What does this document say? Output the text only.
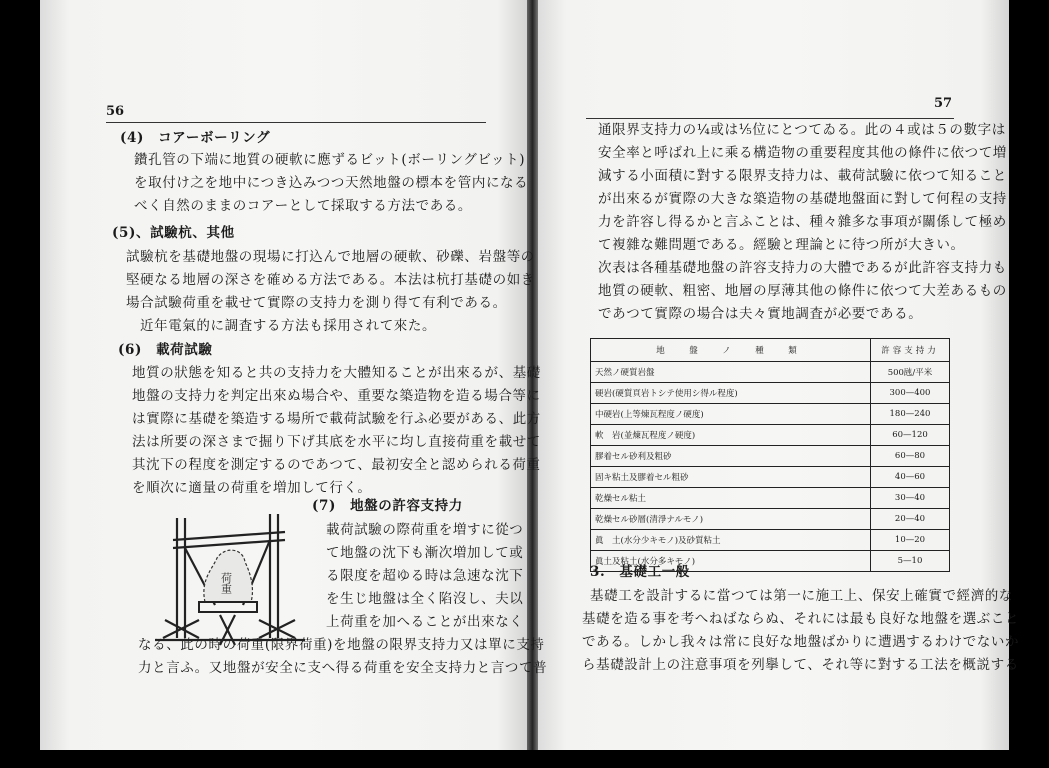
56
57
(4)　コアーボーリング
鑽孔管の下端に地質の硬軟に應ずるビット(ボーリングビット)
を取付け之を地中につき込みつつ天然地盤の標本を管内になる
べく自然のままのコアーとして採取する方法である。
(5)、試驗杭、其他
試驗杭を基礎地盤の現場に打込んで地層の硬軟、砂礫、岩盤等の
堅硬なる地層の深さを確める方法である。本法は杭打基礎の如き
場合試驗荷重を載せて實際の支持力を測り得て有利である。
近年電氣的に調査する方法も採用されて來た。
(6)　載荷試驗
地質の狀態を知ると共の支持力を大體知ることが出來るが、基礎
地盤の支持力を判定出來ぬ場合や、重要な築造物を造る場合等に
は實際に基礎を築造する場所で載荷試驗を行ふ必要がある、此方
法は所要の深さまで掘り下げ其底を水平に均し直接荷重を載せて
其沈下の程度を測定するのであつて、最初安全と認められる荷重
を順次に適量の荷重を増加して行く。
(7)　地盤の許容支持力
載荷試驗の際荷重を増すに從つ
て地盤の沈下も漸次増加して或
る限度を超ゆる時は急速な沈下
を生じ地盤は全く陷沒し、夫以
上荷重を加へることが出來なく
なる、此の時の荷重(限界荷重)を地盤の限界支持力又は單に支持
力と言ふ。又地盤が安全に支へ得る荷重を安全支持力と言つて普
通限界支持力の¼或は⅕位にとつてゐる。此の４或は５の數字は
安全率と呼ばれ上に乘る構造物の重要程度其他の條件に依つて増
減する小面積に對する限界支持力は、載荷試驗に依つて知ること
が出來るが實際の大きな築造物の基礎地盤面に對して何程の支持
力を許容し得るかと言ふことは、種々雜多な事項が關係して極め
て複雜な難問題である。經驗と理論とに待つ所が大きい。
次表は各種基礎地盤の許容支持力の大體であるが此許容支持力も
地質の硬軟、粗密、地層の厚薄其他の條件に依つて大差あるもの
であつて實際の場合は夫々實地調査が必要である。
3.　基礎工一般
基礎工を設計するに當つては第一に施工上、保安上確實で經濟的な
基礎を造る事を考へねばならぬ、それには最も良好な地盤を選ぶこと
である。しかし我々は常に良好な地盤ばかりに遭遇するわけでないか
ら基礎設計上の注意事項を列擧して、それ等に對する工法を概説する
荷重
地　盤　ノ　種　類	許容支持力
天然ノ硬質岩盤	500瓲/平米
硬岩(硬質頁岩トシテ使用シ得ル程度)	300—400
中硬岩(上等煉瓦程度ノ硬度)	180—240
軟　岩(並煉瓦程度ノ硬度)	60—120
膠着セル砂利及粗砂	60—80
固キ粘土及膠着セル粗砂	40—60
乾燥セル粘土	30—40
乾燥セル砂層(清淨ナルモノ)	20—40
眞　土(水分少キモノ)及砂質粘土	10—20
眞土及粘土(水分多キモノ)	5—10
